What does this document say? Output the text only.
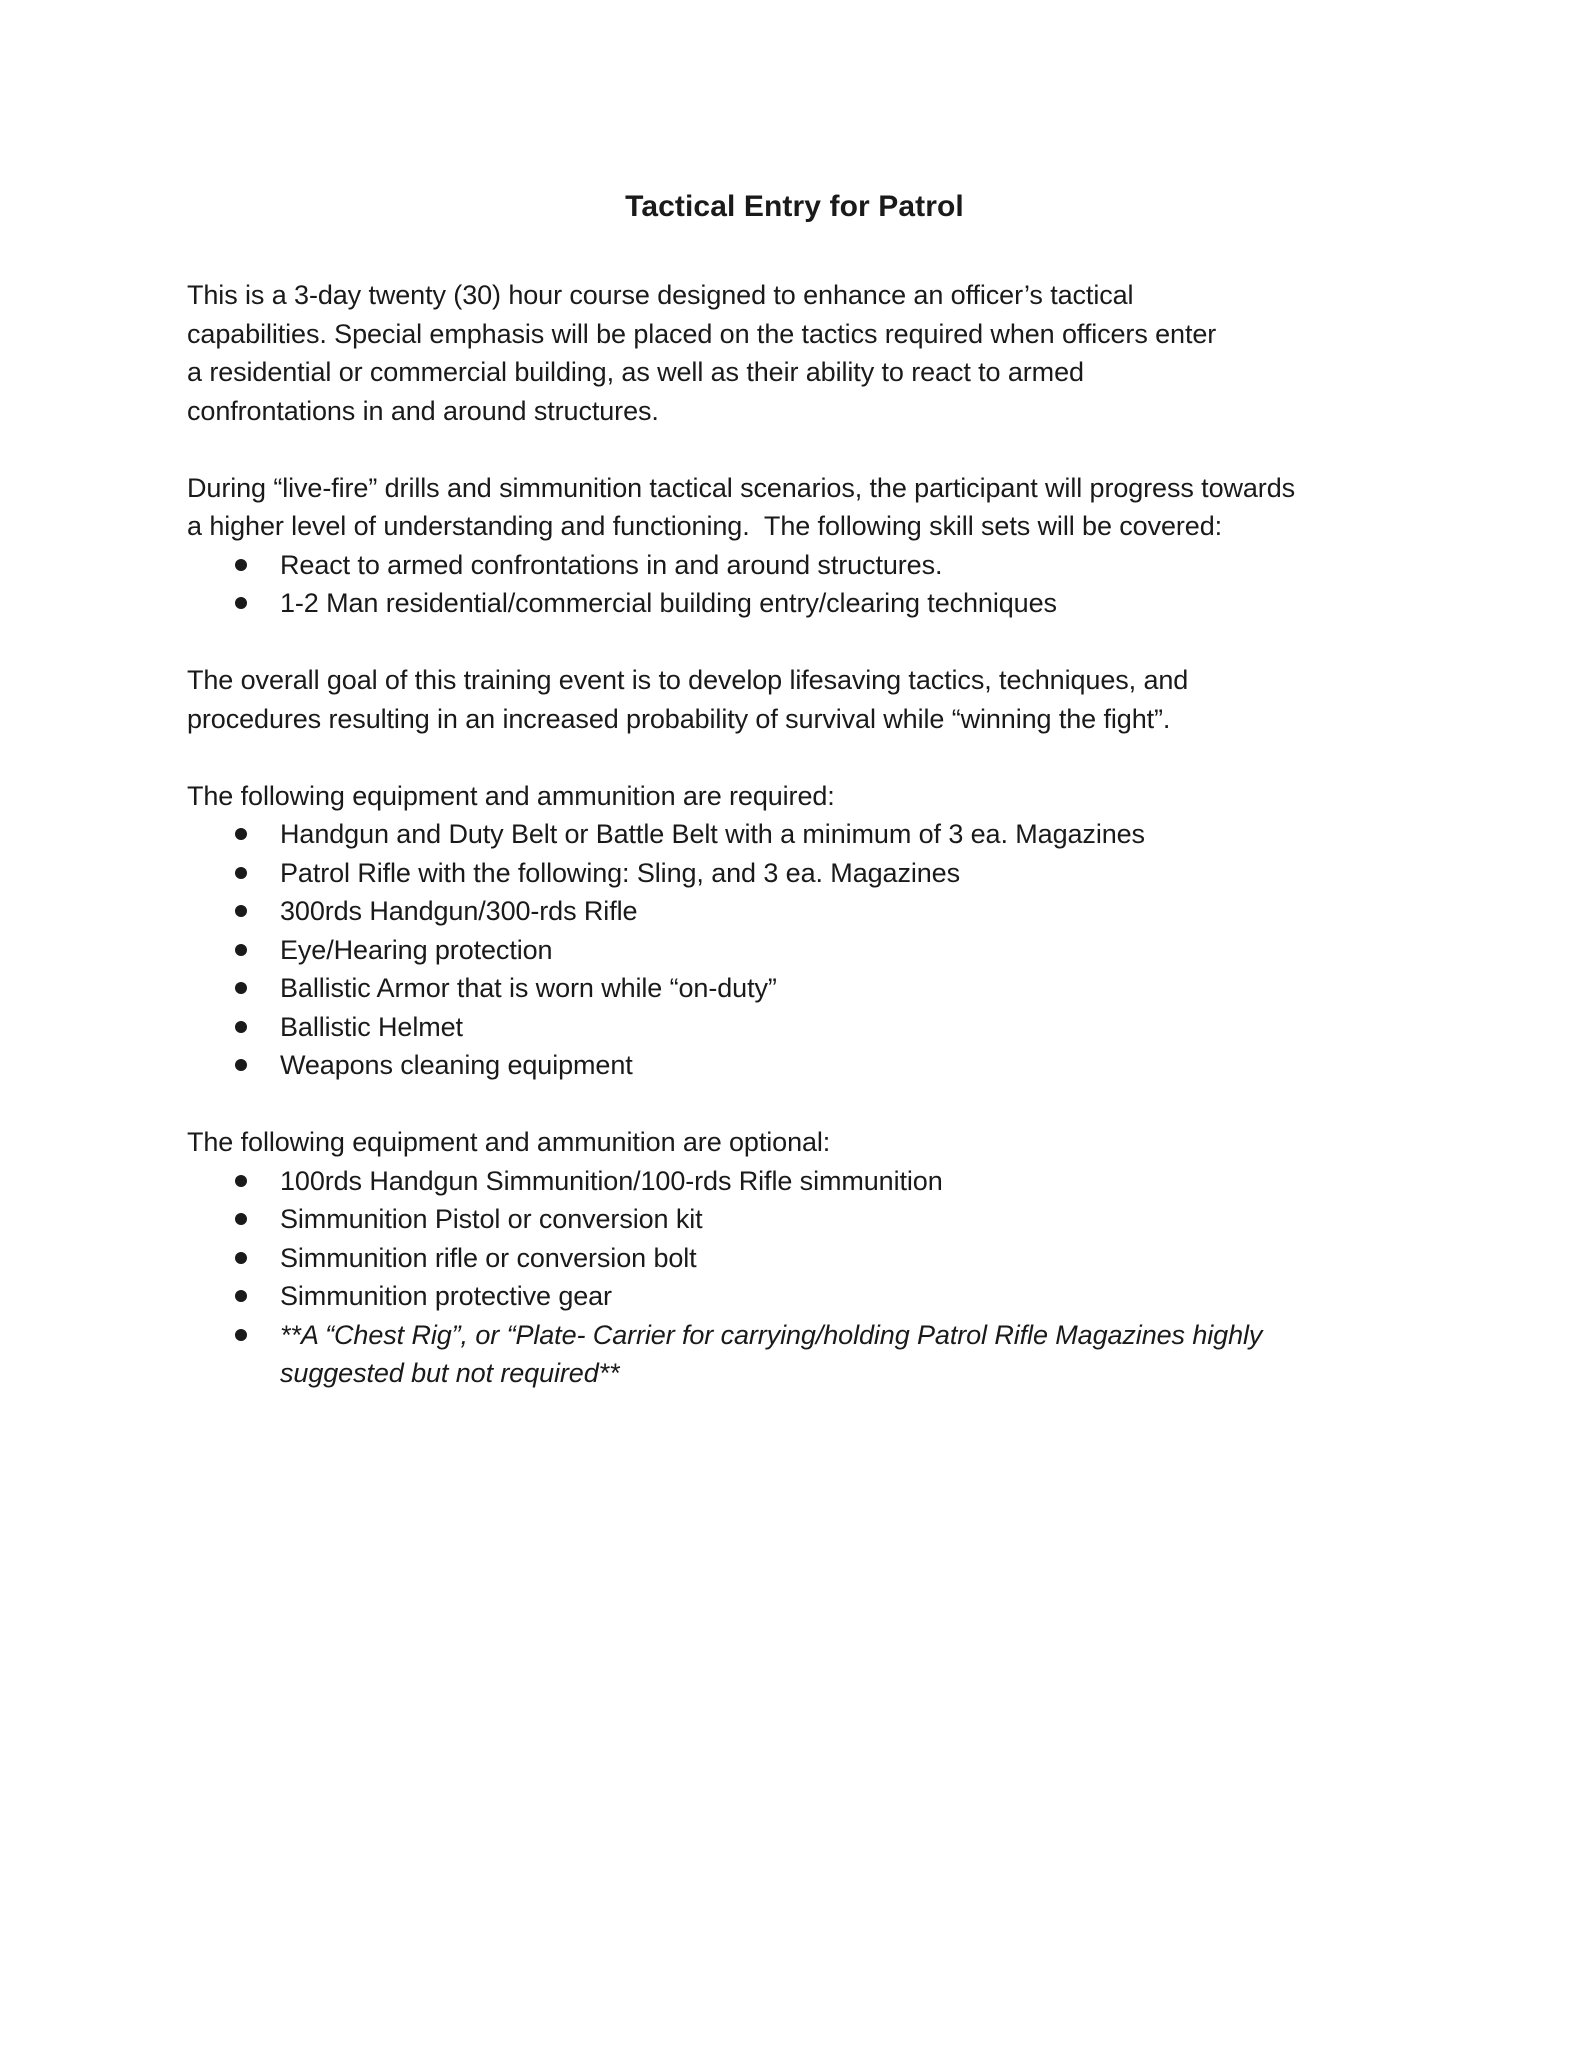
Tactical Entry for Patrol

This is a 3-day twenty (30) hour course designed to enhance an officer’s tactical capabilities. Special emphasis will be placed on the tactics required when officers enter a residential or commercial building, as well as their ability to react to armed confrontations in and around structures.

During “live-fire” drills and simmunition tactical scenarios, the participant will progress towards a higher level of understanding and functioning.  The following skill sets will be covered:

React to armed confrontations in and around structures.
1-2 Man residential/commercial building entry/clearing techniques

The overall goal of this training event is to develop lifesaving tactics, techniques, and procedures resulting in an increased probability of survival while “winning the fight”.

The following equipment and ammunition are required:

Handgun and Duty Belt or Battle Belt with a minimum of 3 ea. Magazines
Patrol Rifle with the following: Sling, and 3 ea. Magazines
300rds Handgun/300-rds Rifle
Eye/Hearing protection
Ballistic Armor that is worn while “on-duty”
Ballistic Helmet
Weapons cleaning equipment

The following equipment and ammunition are optional:

100rds Handgun Simmunition/100-rds Rifle simmunition
Simmunition Pistol or conversion kit
Simmunition rifle or conversion bolt
Simmunition protective gear
**A “Chest Rig”, or “Plate- Carrier for carrying/holding Patrol Rifle Magazines highly suggested but not required**
